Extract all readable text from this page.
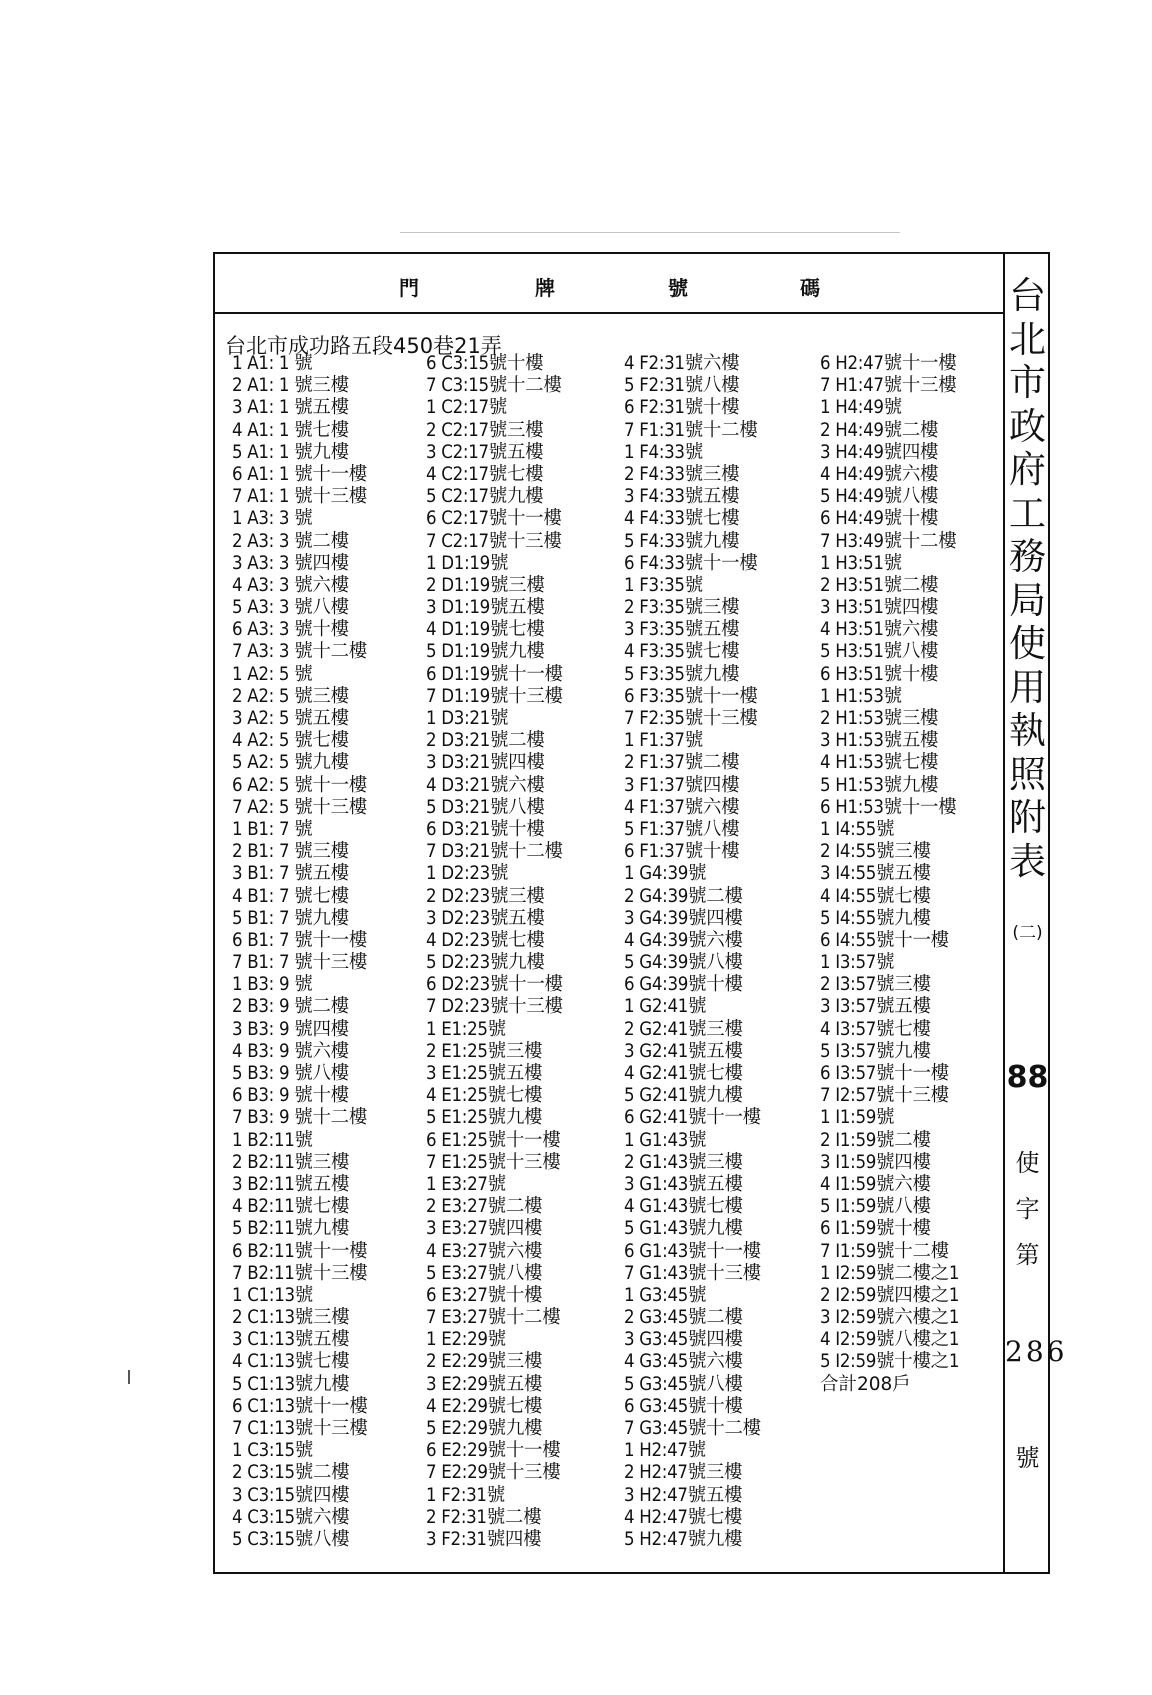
門	牌	號	碼
台北市成功路五段450巷21弄
1 A1: 1 號
2 A1: 1 號三樓
3 A1: 1 號五樓
4 A1: 1 號七樓
5 A1: 1 號九樓
6 A1: 1 號十一樓
7 A1: 1 號十三樓
1 A3: 3 號
2 A3: 3 號二樓
3 A3: 3 號四樓
4 A3: 3 號六樓
5 A3: 3 號八樓
6 A3: 3 號十樓
7 A3: 3 號十二樓
1 A2: 5 號
2 A2: 5 號三樓
3 A2: 5 號五樓
4 A2: 5 號七樓
5 A2: 5 號九樓
6 A2: 5 號十一樓
7 A2: 5 號十三樓
1 B1: 7 號
2 B1: 7 號三樓
3 B1: 7 號五樓
4 B1: 7 號七樓
5 B1: 7 號九樓
6 B1: 7 號十一樓
7 B1: 7 號十三樓
1 B3: 9 號
2 B3: 9 號二樓
3 B3: 9 號四樓
4 B3: 9 號六樓
5 B3: 9 號八樓
6 B3: 9 號十樓
7 B3: 9 號十二樓
1 B2:11號
2 B2:11號三樓
3 B2:11號五樓
4 B2:11號七樓
5 B2:11號九樓
6 B2:11號十一樓
7 B2:11號十三樓
1 C1:13號
2 C1:13號三樓
3 C1:13號五樓
4 C1:13號七樓
5 C1:13號九樓
6 C1:13號十一樓
7 C1:13號十三樓
1 C3:15號
2 C3:15號二樓
3 C3:15號四樓
4 C3:15號六樓
5 C3:15號八樓
6 C3:15號十樓
7 C3:15號十二樓
1 C2:17號
2 C2:17號三樓
3 C2:17號五樓
4 C2:17號七樓
5 C2:17號九樓
6 C2:17號十一樓
7 C2:17號十三樓
1 D1:19號
2 D1:19號三樓
3 D1:19號五樓
4 D1:19號七樓
5 D1:19號九樓
6 D1:19號十一樓
7 D1:19號十三樓
1 D3:21號
2 D3:21號二樓
3 D3:21號四樓
4 D3:21號六樓
5 D3:21號八樓
6 D3:21號十樓
7 D3:21號十二樓
1 D2:23號
2 D2:23號三樓
3 D2:23號五樓
4 D2:23號七樓
5 D2:23號九樓
6 D2:23號十一樓
7 D2:23號十三樓
1 E1:25號
2 E1:25號三樓
3 E1:25號五樓
4 E1:25號七樓
5 E1:25號九樓
6 E1:25號十一樓
7 E1:25號十三樓
1 E3:27號
2 E3:27號二樓
3 E3:27號四樓
4 E3:27號六樓
5 E3:27號八樓
6 E3:27號十樓
7 E3:27號十二樓
1 E2:29號
2 E2:29號三樓
3 E2:29號五樓
4 E2:29號七樓
5 E2:29號九樓
6 E2:29號十一樓
7 E2:29號十三樓
1 F2:31號
2 F2:31號二樓
3 F2:31號四樓
4 F2:31號六樓
5 F2:31號八樓
6 F2:31號十樓
7 F1:31號十二樓
1 F4:33號
2 F4:33號三樓
3 F4:33號五樓
4 F4:33號七樓
5 F4:33號九樓
6 F4:33號十一樓
1 F3:35號
2 F3:35號三樓
3 F3:35號五樓
4 F3:35號七樓
5 F3:35號九樓
6 F3:35號十一樓
7 F2:35號十三樓
1 F1:37號
2 F1:37號二樓
3 F1:37號四樓
4 F1:37號六樓
5 F1:37號八樓
6 F1:37號十樓
1 G4:39號
2 G4:39號二樓
3 G4:39號四樓
4 G4:39號六樓
5 G4:39號八樓
6 G4:39號十樓
1 G2:41號
2 G2:41號三樓
3 G2:41號五樓
4 G2:41號七樓
5 G2:41號九樓
6 G2:41號十一樓
1 G1:43號
2 G1:43號三樓
3 G1:43號五樓
4 G1:43號七樓
5 G1:43號九樓
6 G1:43號十一樓
7 G1:43號十三樓
1 G3:45號
2 G3:45號二樓
3 G3:45號四樓
4 G3:45號六樓
5 G3:45號八樓
6 G3:45號十樓
7 G3:45號十二樓
1 H2:47號
2 H2:47號三樓
3 H2:47號五樓
4 H2:47號七樓
5 H2:47號九樓
6 H2:47號十一樓
7 H1:47號十三樓
1 H4:49號
2 H4:49號二樓
3 H4:49號四樓
4 H4:49號六樓
5 H4:49號八樓
6 H4:49號十樓
7 H3:49號十二樓
1 H3:51號
2 H3:51號二樓
3 H3:51號四樓
4 H3:51號六樓
5 H3:51號八樓
6 H3:51號十樓
1 H1:53號
2 H1:53號三樓
3 H1:53號五樓
4 H1:53號七樓
5 H1:53號九樓
6 H1:53號十一樓
1 I4:55號
2 I4:55號三樓
3 I4:55號五樓
4 I4:55號七樓
5 I4:55號九樓
6 I4:55號十一樓
1 I3:57號
2 I3:57號三樓
3 I3:57號五樓
4 I3:57號七樓
5 I3:57號九樓
6 I3:57號十一樓
7 I2:57號十三樓
1 I1:59號
2 I1:59號二樓
3 I1:59號四樓
4 I1:59號六樓
5 I1:59號八樓
6 I1:59號十樓
7 I1:59號十二樓
1 I2:59號二樓之1
2 I2:59號四樓之1
3 I2:59號六樓之1
4 I2:59號八樓之1
5 I2:59號十樓之1
合計208戶
台北市政府工務局使用執照附表
(二)
88
使字第
286
號
